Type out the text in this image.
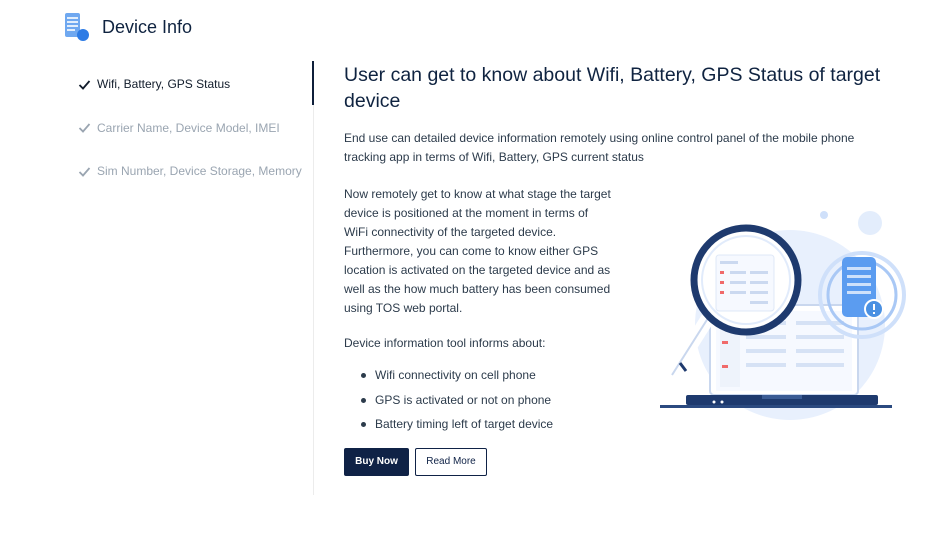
Device Info
Wifi, Battery, GPS Status
Carrier Name, Device Model, IMEI
Sim Number, Device Storage, Memory
User can get to know about Wifi, Battery, GPS Status of target device
End use can detailed device information remotely using online control panel of the mobile phone tracking app in terms of Wifi, Battery, GPS current status
Now remotely get to know at what stage the target device is positioned at the moment in terms of WiFi connectivity of the targeted device. Furthermore, you can come to know either GPS location is activated on the targeted device and as well as the how much battery has been consumed using TOS web portal.
Device information tool informs about:
Wifi connectivity on cell phone
GPS is activated or not on phone
Battery timing left of target device
Buy Now	Read More
